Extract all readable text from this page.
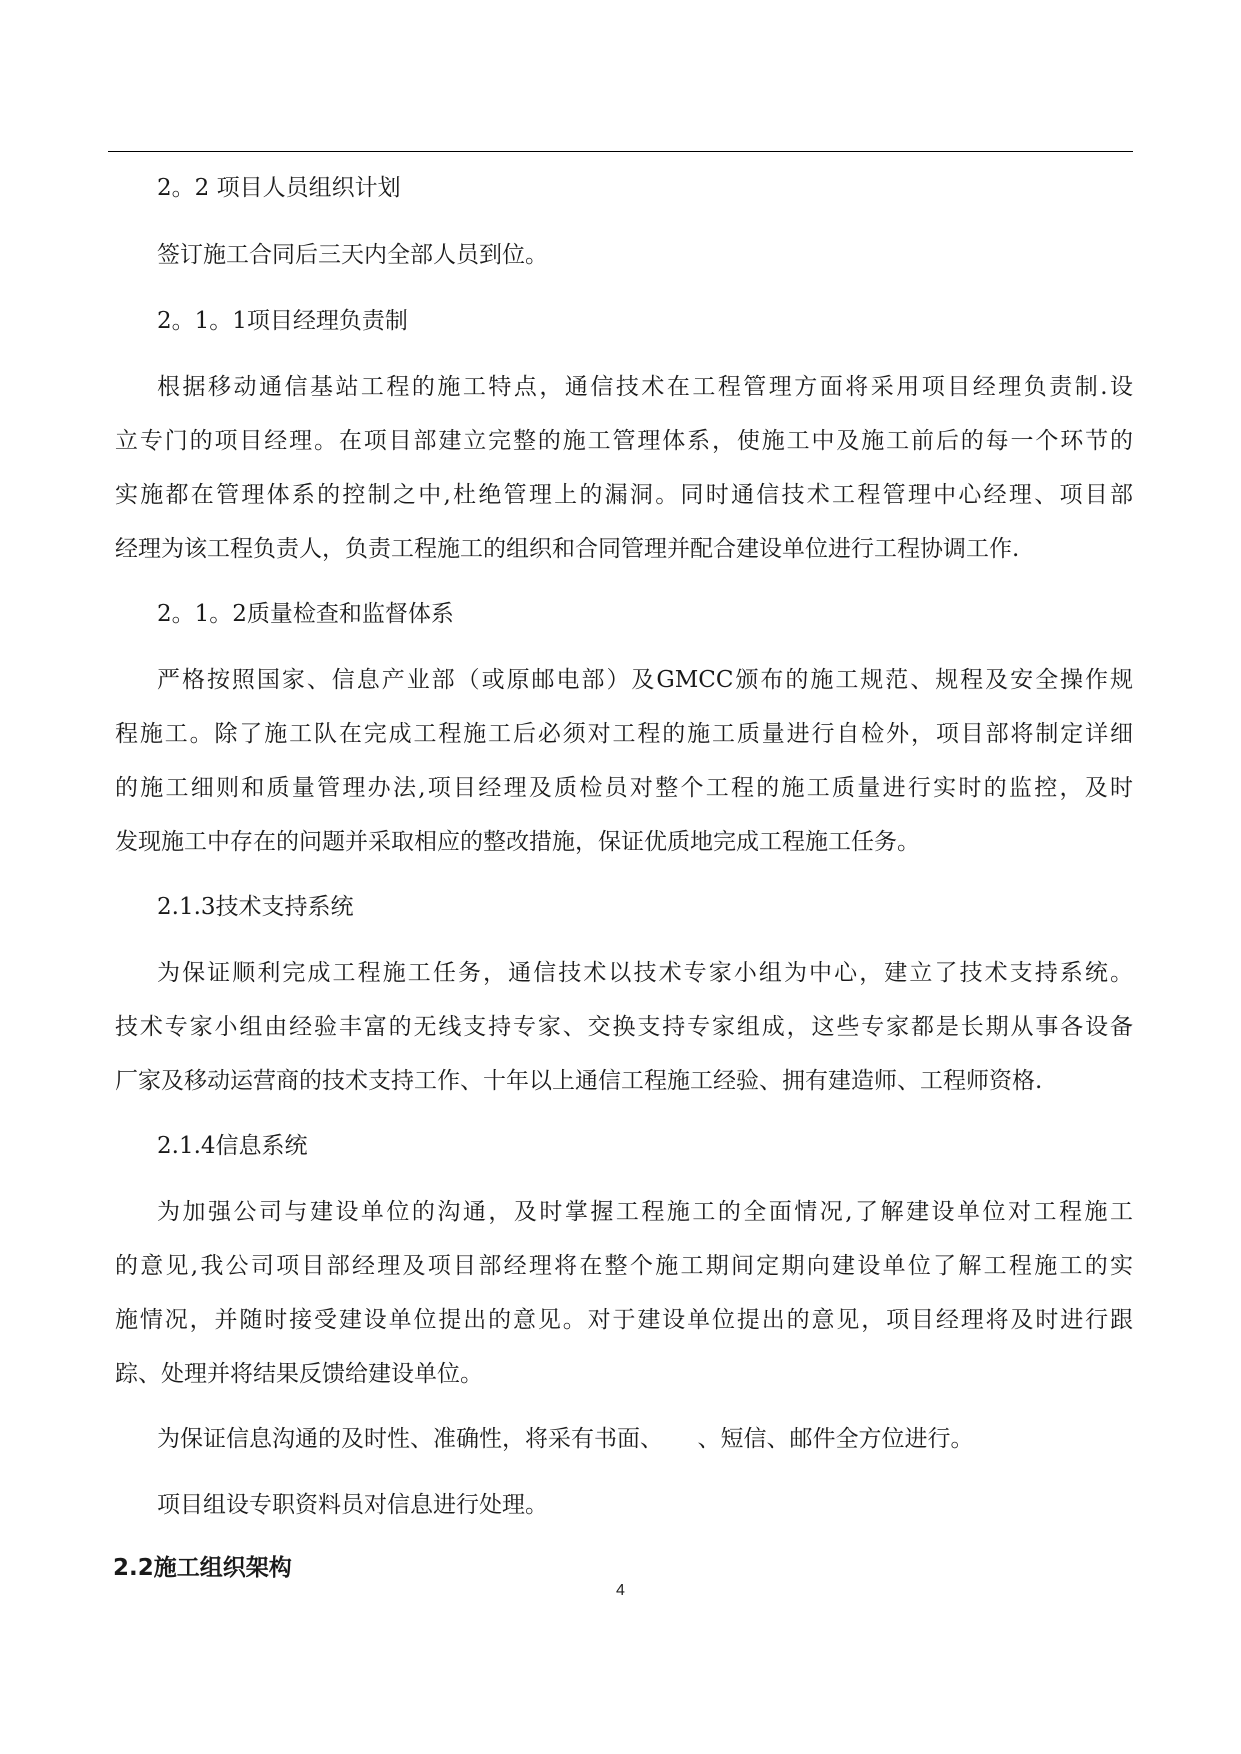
2。2 项目人员组织计划
签订施工合同后三天内全部人员到位。
2。1。1项目经理负责制
根据移动通信基站工程的施工特点，通信技术在工程管理方面将采用项目经理负责制.设
立专门的项目经理。在项目部建立完整的施工管理体系，使施工中及施工前后的每一个环节的
实施都在管理体系的控制之中,杜绝管理上的漏洞。同时通信技术工程管理中心经理、项目部
经理为该工程负责人，负责工程施工的组织和合同管理并配合建设单位进行工程协调工作.
2。1。2质量检查和监督体系
严格按照国家、信息产业部（或原邮电部）及GMCC颁布的施工规范、规程及安全操作规
程施工。除了施工队在完成工程施工后必须对工程的施工质量进行自检外，项目部将制定详细
的施工细则和质量管理办法,项目经理及质检员对整个工程的施工质量进行实时的监控，及时
发现施工中存在的问题并采取相应的整改措施，保证优质地完成工程施工任务。
2.1.3技术支持系统
为保证顺利完成工程施工任务，通信技术以技术专家小组为中心，建立了技术支持系统。
技术专家小组由经验丰富的无线支持专家、交换支持专家组成，这些专家都是长期从事各设备
厂家及移动运营商的技术支持工作、十年以上通信工程施工经验、拥有建造师、工程师资格.
2.1.4信息系统
为加强公司与建设单位的沟通，及时掌握工程施工的全面情况,了解建设单位对工程施工
的意见,我公司项目部经理及项目部经理将在整个施工期间定期向建设单位了解工程施工的实
施情况，并随时接受建设单位提出的意见。对于建设单位提出的意见，项目经理将及时进行跟
踪、处理并将结果反馈给建设单位。
为保证信息沟通的及时性、准确性，将采有书面、　　、短信、邮件全方位进行。
项目组设专职资料员对信息进行处理。
2.2施工组织架构
4
